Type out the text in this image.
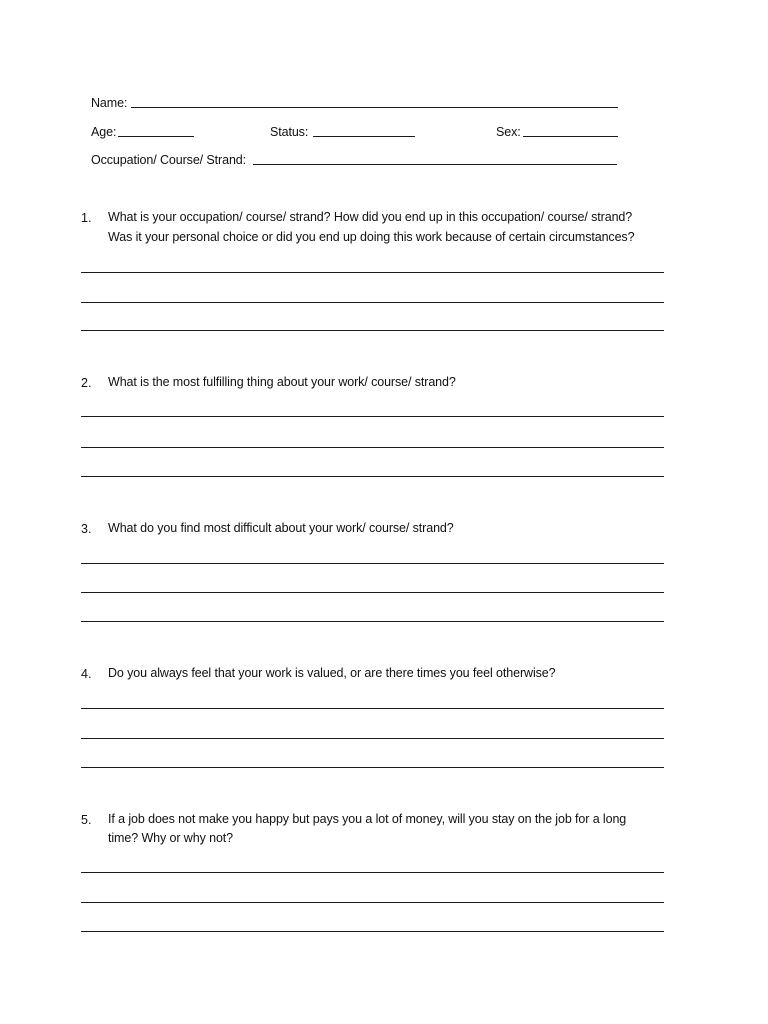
Name:
Age:	Status:	Sex:
Occupation/ Course/ Strand:
1.	What is your occupation/ course/ strand? How did you end up in this occupation/ course/ strand?
Was it your personal choice or did you end up doing this work because of certain circumstances?
2.	What is the most fulfilling thing about your work/ course/ strand?
3.	What do you find most difficult about your work/ course/ strand?
4.	Do you always feel that your work is valued, or are there times you feel otherwise?
5.	If a job does not make you happy but pays you a lot of money, will you stay on the job for a long
time? Why or why not?
